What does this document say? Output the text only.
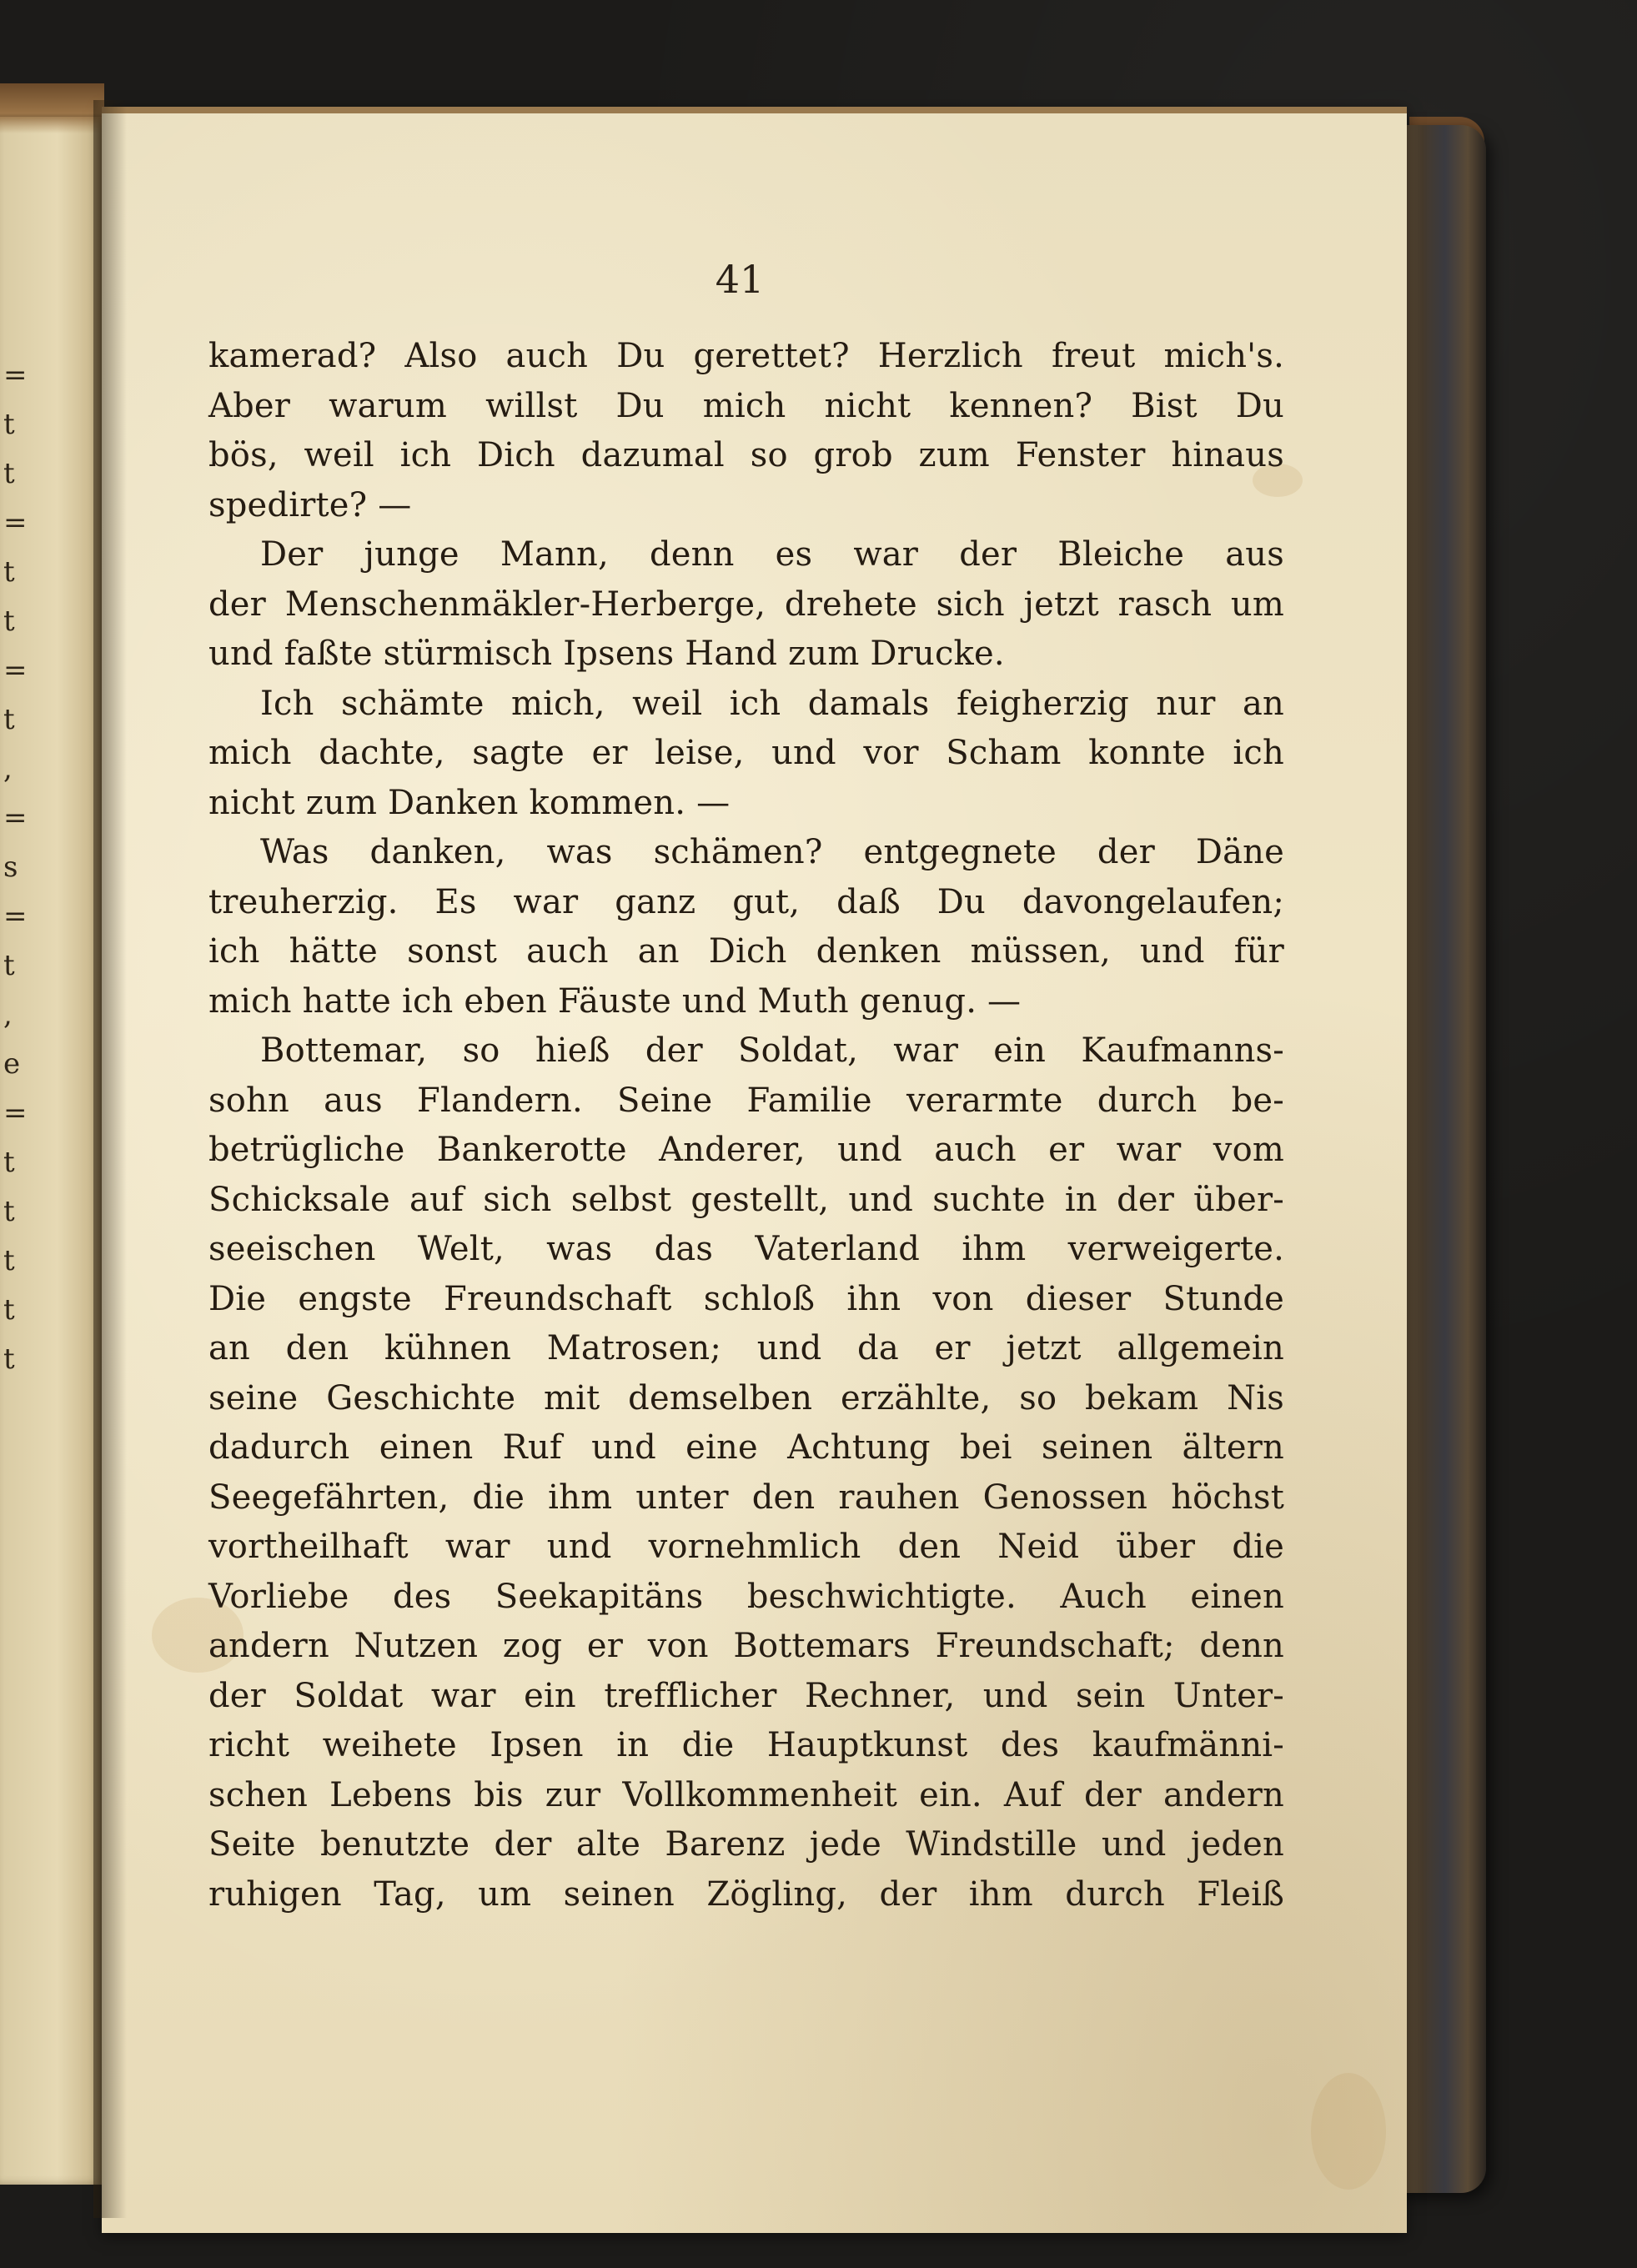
=
t
t
=
t
t
=
t
,
=
s
=
t
,
e
=
t
t
t
t
t
41
kamerad? Also auch Du gerettet? Herzlich freut mich's.
Aber warum willst Du mich nicht kennen? Bist Du
bös, weil ich Dich dazumal so grob zum Fenster hinaus
spedirte? —
Der junge Mann, denn es war der Bleiche aus
der Menschenmäkler-Herberge, drehete sich jetzt rasch um
und faßte stürmisch Ipsens Hand zum Drucke.
Ich schämte mich, weil ich damals feigherzig nur an
mich dachte, sagte er leise, und vor Scham konnte ich
nicht zum Danken kommen. —
Was danken, was schämen? entgegnete der Däne
treuherzig. Es war ganz gut, daß Du davongelaufen;
ich hätte sonst auch an Dich denken müssen, und für
mich hatte ich eben Fäuste und Muth genug. —
Bottemar, so hieß der Soldat, war ein Kaufmanns-
sohn aus Flandern. Seine Familie verarmte durch be-
betrügliche Bankerotte Anderer, und auch er war vom
Schicksale auf sich selbst gestellt, und suchte in der über-
seeischen Welt, was das Vaterland ihm verweigerte.
Die engste Freundschaft schloß ihn von dieser Stunde
an den kühnen Matrosen; und da er jetzt allgemein
seine Geschichte mit demselben erzählte, so bekam Nis
dadurch einen Ruf und eine Achtung bei seinen ältern
Seegefährten, die ihm unter den rauhen Genossen höchst
vortheilhaft war und vornehmlich den Neid über die
Vorliebe des Seekapitäns beschwichtigte. Auch einen
andern Nutzen zog er von Bottemars Freundschaft; denn
der Soldat war ein trefflicher Rechner, und sein Unter-
richt weihete Ipsen in die Hauptkunst des kaufmänni-
schen Lebens bis zur Vollkommenheit ein. Auf der andern
Seite benutzte der alte Barenz jede Windstille und jeden
ruhigen Tag, um seinen Zögling, der ihm durch Fleiß
